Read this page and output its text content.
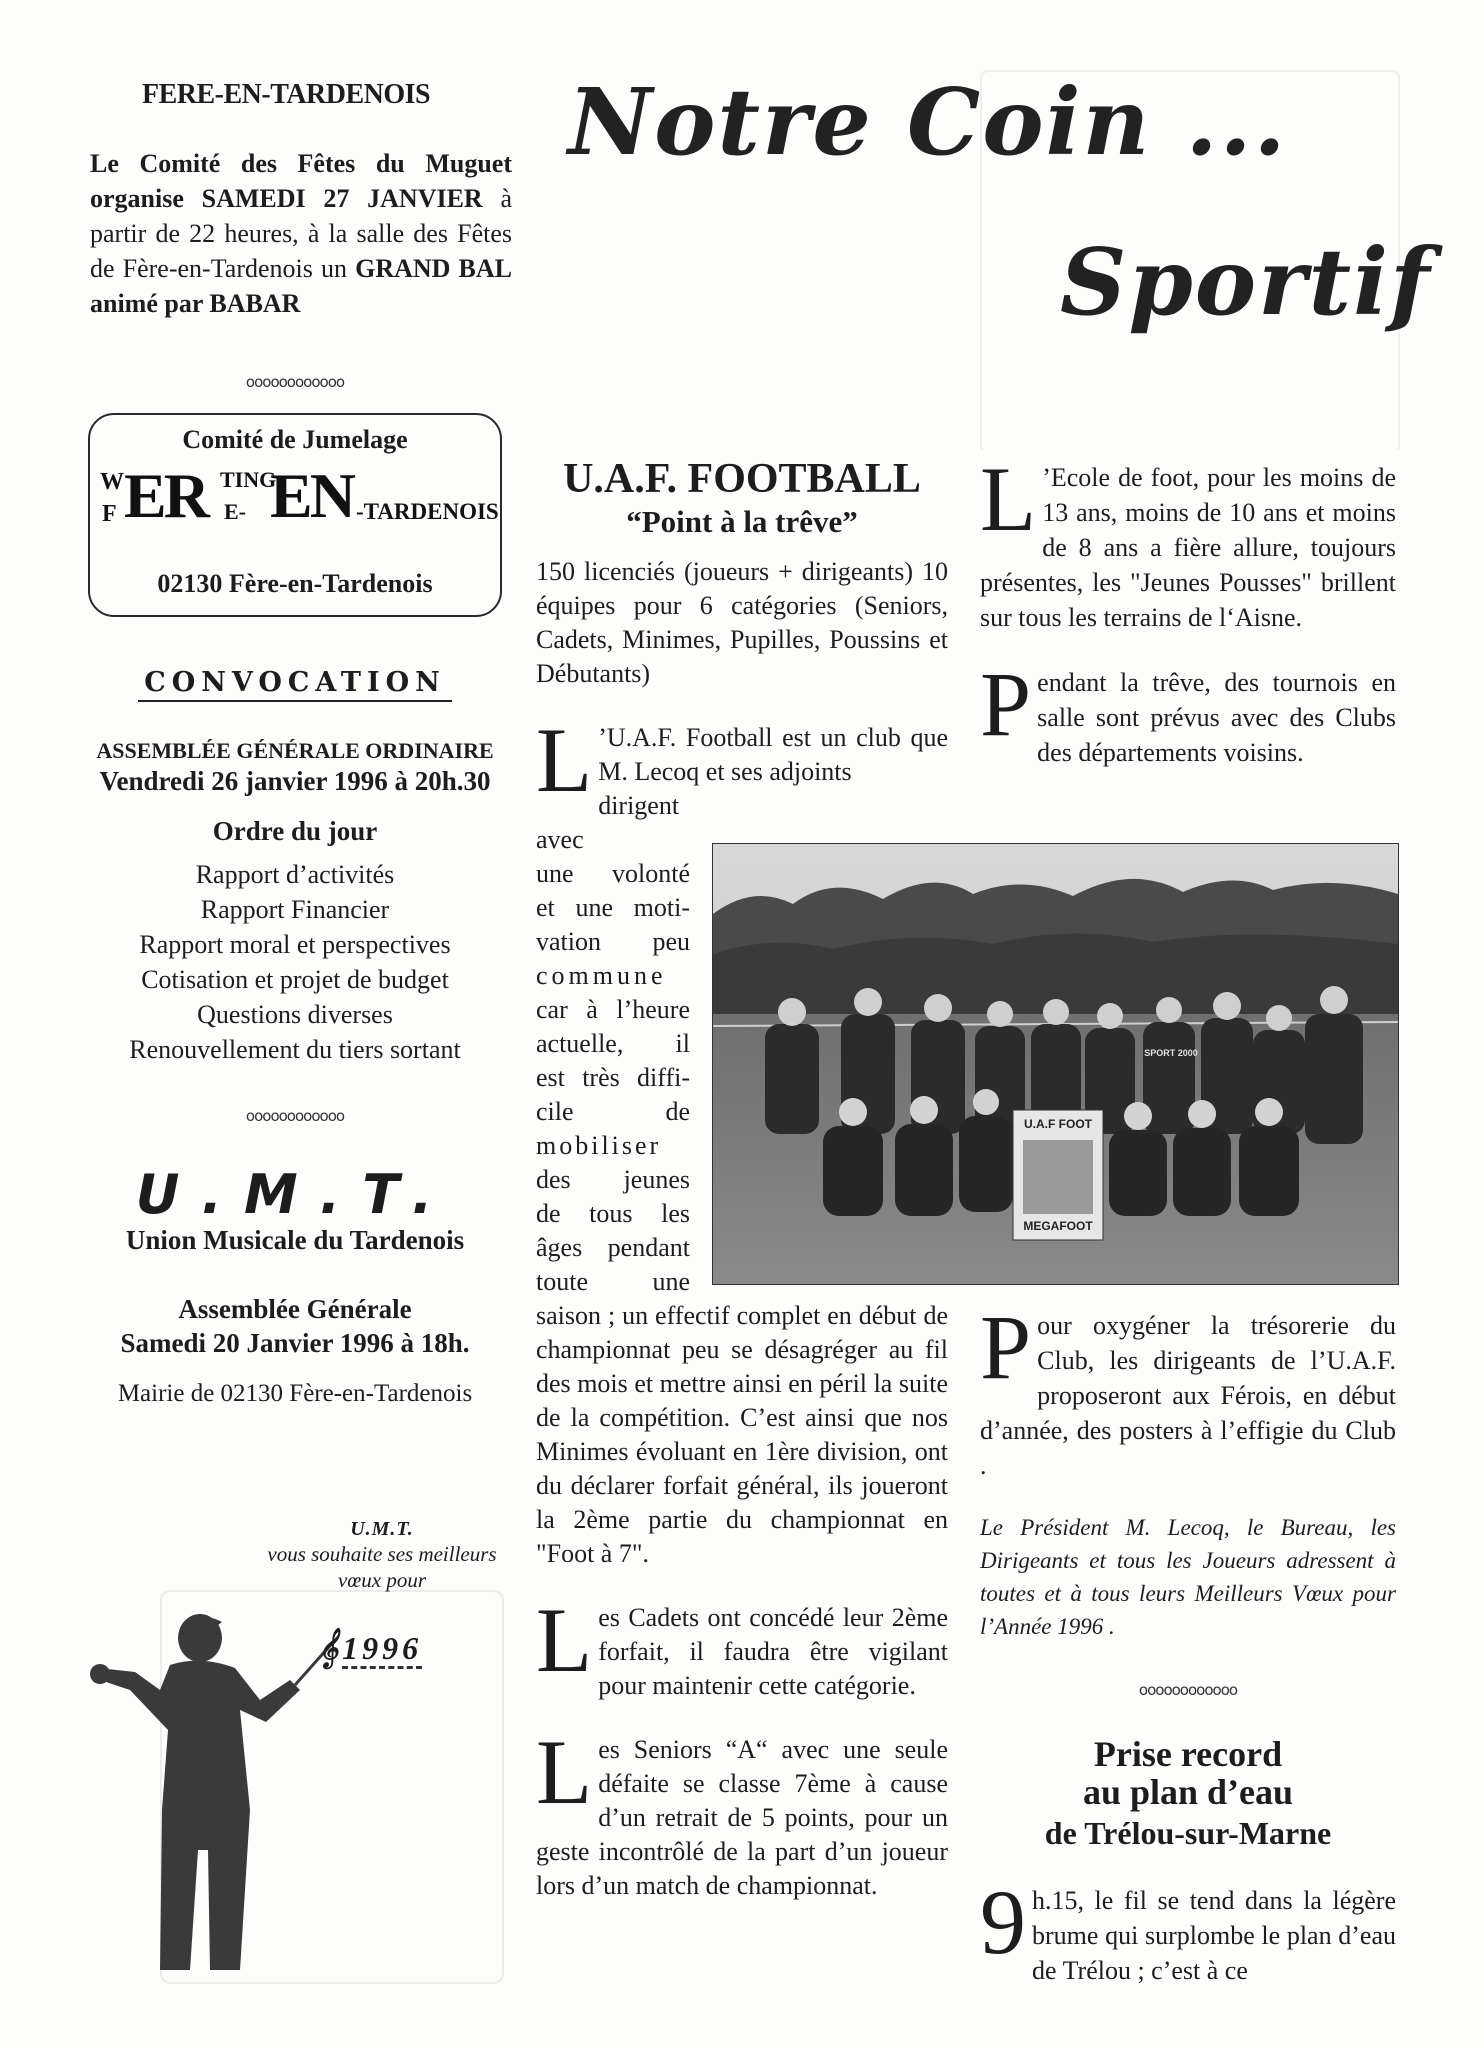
Notre Coin ...
Sportif
FERE-EN-TARDENOIS
Le Comité des Fêtes du Muguet organise SAMEDI 27 JANVIER à partir de 22 heures, à la salle des Fêtes de Fère-en-Tardenois un GRAND BAL animé par BABAR
oooooooooooo
Comité de Jumelage
W
F ER TING
E- EN -TARDENOIS
02130 Fère-en-Tardenois
CONVOCATION
ASSEMBLÉE GÉNÉRALE ORDINAIRE
Vendredi 26 janvier 1996 à 20h.30
Ordre du jour
Rapport d’activités
Rapport Financier
Rapport moral et perspectives
Cotisation et projet de budget
Questions diverses
Renouvellement du tiers sortant
oooooooooooo
U.M.T.
Union Musicale du Tardenois
Assemblée Générale
Samedi 20 Janvier 1996 à 18h.
Mairie de 02130 Fère-en-Tardenois
U.M.T.
vous souhaite ses meilleurs vœux pour
𝄞1996
U.A.F. FOOTBALL
“Point à la trêve”
150 licenciés (joueurs + dirigeants) 10 équipes pour 6 catégories (Seniors, Cadets, Minimes, Pupilles, Poussins et Débutants)
L ’U.A.F. Football est un club que M. Lecoq et ses adjoints
dirigent avec
une volonté
et une moti-
vation peu
commune
car à l’heure
actuelle, il
est très diffi-
cile de
mobiliser
des jeunes
de tous les
âges pendant
toute une
saison ; un effectif complet en début de championnat peu se désagréger au fil des mois et mettre ainsi en péril la suite de la compétition. C’est ainsi que nos Minimes évoluant en 1ère division, ont du déclarer forfait général, ils joueront la 2ème partie du championnat en "Foot à 7".
L es Cadets ont concédé leur 2ème forfait, il faudra être vigilant pour maintenir cette catégorie.
L es Seniors “A“ avec une seule défaite se classe 7ème à cause d’un retrait de 5 points, pour un geste incontrôlé de la part d’un joueur lors d’un match de championnat.
L ’Ecole de foot, pour les moins de 13 ans, moins de 10 ans et moins de 8 ans a fière allure, toujours présentes, les "Jeunes Pousses" brillent sur tous les terrains de l‘Aisne.
P endant la trêve, des tournois en salle sont prévus avec des Clubs des départements voisins.
U.A.F FOOT
MEGAFOOT
SPORT 2000
P our oxygéner la trésorerie du Club, les dirigeants de l’U.A.F. proposeront aux Férois, en début d’année, des posters à l’effigie du Club .
Le Président M. Lecoq, le Bureau, les Dirigeants et tous les Joueurs adressent à toutes et à tous leurs Meilleurs Vœux pour l’Année 1996 .
oooooooooooo
Prise record
au plan d’eau
de Trélou-sur-Marne
9 h.15, le fil se tend dans la légère brume qui surplombe le plan d’eau de Trélou ; c’est à ce
